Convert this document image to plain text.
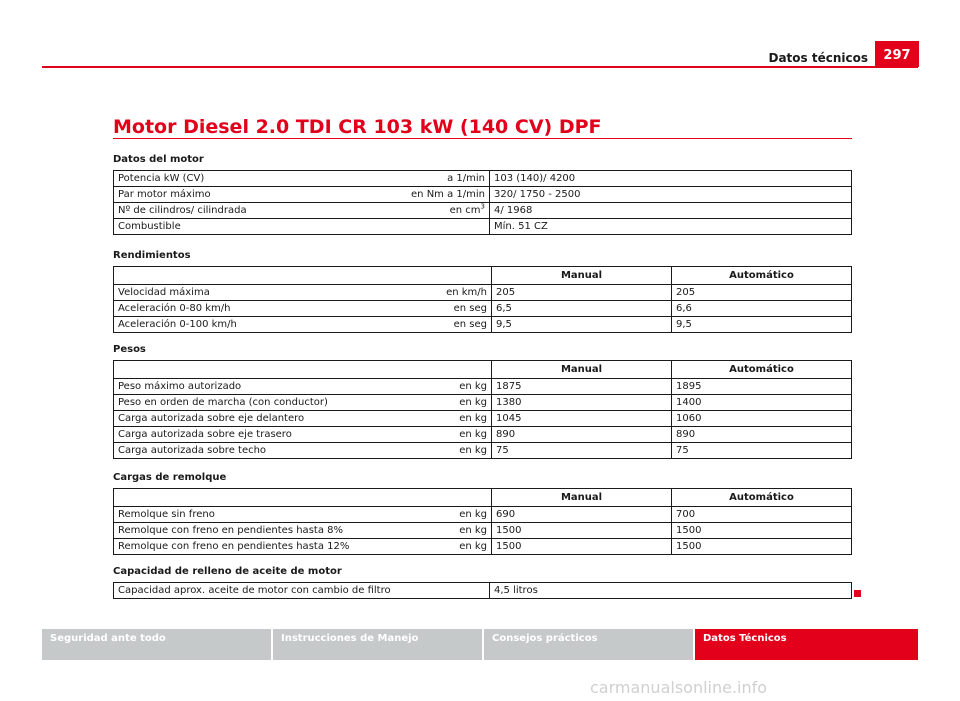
Datos técnicos	297
Motor Diesel 2.0 TDI CR 103 kW (140 CV) DPF
Datos del motor
Potencia kW (CV) a 1/min	103 (140)/ 4200

Par motor máximo en Nm a 1/min	320/ 1750 - 2500

Nº de cilindros/ cilindrada en $cm^3$	4/ 1968

Combustible	Mín. 51 CZ
Rendimientos
	Manual	Automático

Velocidad máxima en km/h	205	205

Aceleración 0-80 km/h en seg	6,5	6,6

Aceleración 0-100 km/h en seg	9,5	9,5
Pesos
	Manual	Automático

Peso máximo autorizado en kg	1875	1895

Peso en orden de marcha (con conductor) en kg	1380	1400

Carga autorizada sobre eje delantero en kg	1045	1060

Carga autorizada sobre eje trasero en kg	890	890

Carga autorizada sobre techo en kg	75	75
Cargas de remolque
	Manual	Automático

Remolque sin freno en kg	690	700

Remolque con freno en pendientes hasta 8% en kg	1500	1500

Remolque con freno en pendientes hasta 12% en kg	1500	1500
Capacidad de relleno de aceite de motor
Capacidad aprox. aceite de motor con cambio de filtro	4,5 litros
Seguridad ante todo	Instrucciones de Manejo	Consejos prácticos	Datos Técnicos
carmanualsonline.info
